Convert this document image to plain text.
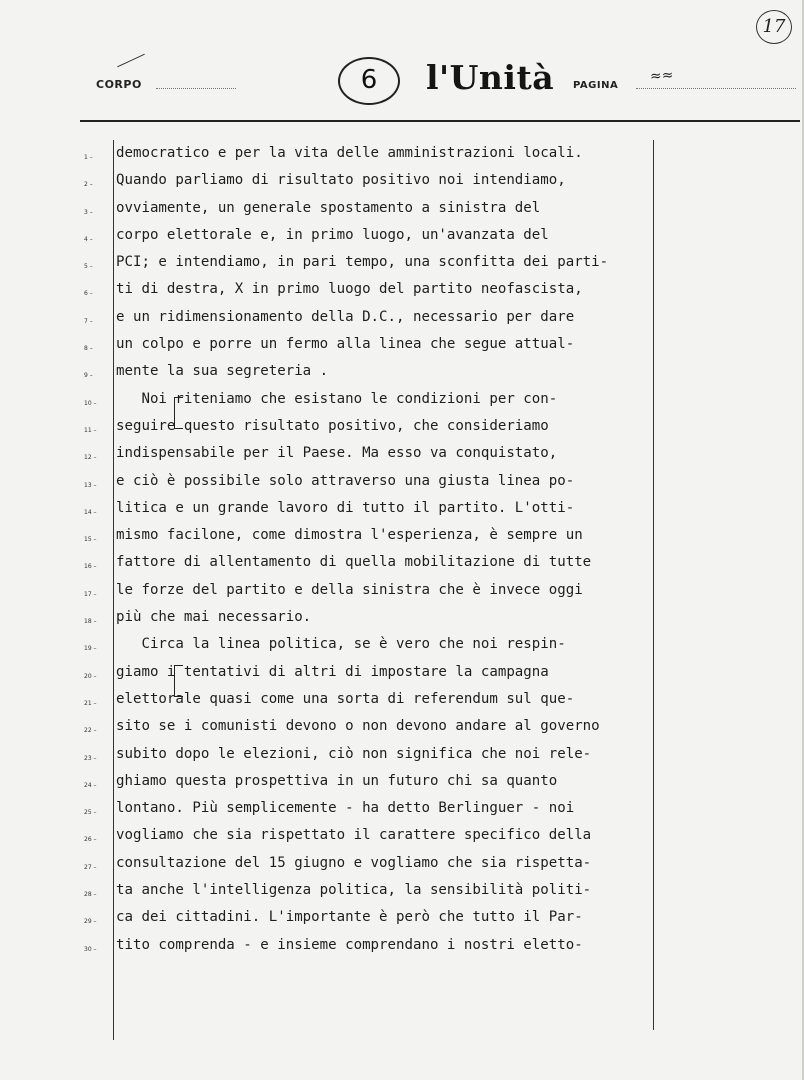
17
CORPO	6	l'Unità PAGINA
≈≈
1 –
2 –
3 –
4 –
5 –
6 –
7 –
8 –
9 –
10 –
11 –
12 –
13 –
14 –
15 –
16 –
17 –
18 –
19 –
20 –
21 –
22 –
23 –
24 –
25 –
26 –
27 –
28 –
29 –
30 –
democratico e per la vita delle amministrazioni locali.
Quando parliamo di risultato positivo noi intendiamo,
ovviamente, un generale spostamento a sinistra del
corpo elettorale e, in primo luogo, un'avanzata del
PCI; e intendiamo, in pari tempo, una sconfitta dei parti-
ti di destra, X in primo luogo del partito neofascista,
e un ridimensionamento della D.C., necessario per dare
un colpo e porre un fermo alla linea che segue attual-
mente la sua segreteria .
Noi riteniamo che esistano le condizioni per con-
seguire questo risultato positivo, che consideriamo
indispensabile per il Paese. Ma esso va conquistato,
e ciò è possibile solo attraverso una giusta linea po-
litica e un grande lavoro di tutto il partito. L'otti-
mismo facilone, come dimostra l'esperienza, è sempre un
fattore di allentamento di quella mobilitazione di tutte
le forze del partito e della sinistra che è invece oggi
più che mai necessario.
Circa la linea politica, se è vero che noi respin-
giamo i tentativi di altri di impostare la campagna
elettorale quasi come una sorta di referendum sul que-
sito se i comunisti devono o non devono andare al governo
subito dopo le elezioni, ciò non significa che noi rele-
ghiamo questa prospettiva in un futuro chi sa quanto
lontano. Più semplicemente - ha detto Berlinguer - noi
vogliamo che sia rispettato il carattere specifico della
consultazione del 15 giugno e vogliamo che sia rispetta-
ta anche l'intelligenza politica, la sensibilità politi-
ca dei cittadini. L'importante è però che tutto il Par-
tito comprenda - e insieme comprendano i nostri eletto-
